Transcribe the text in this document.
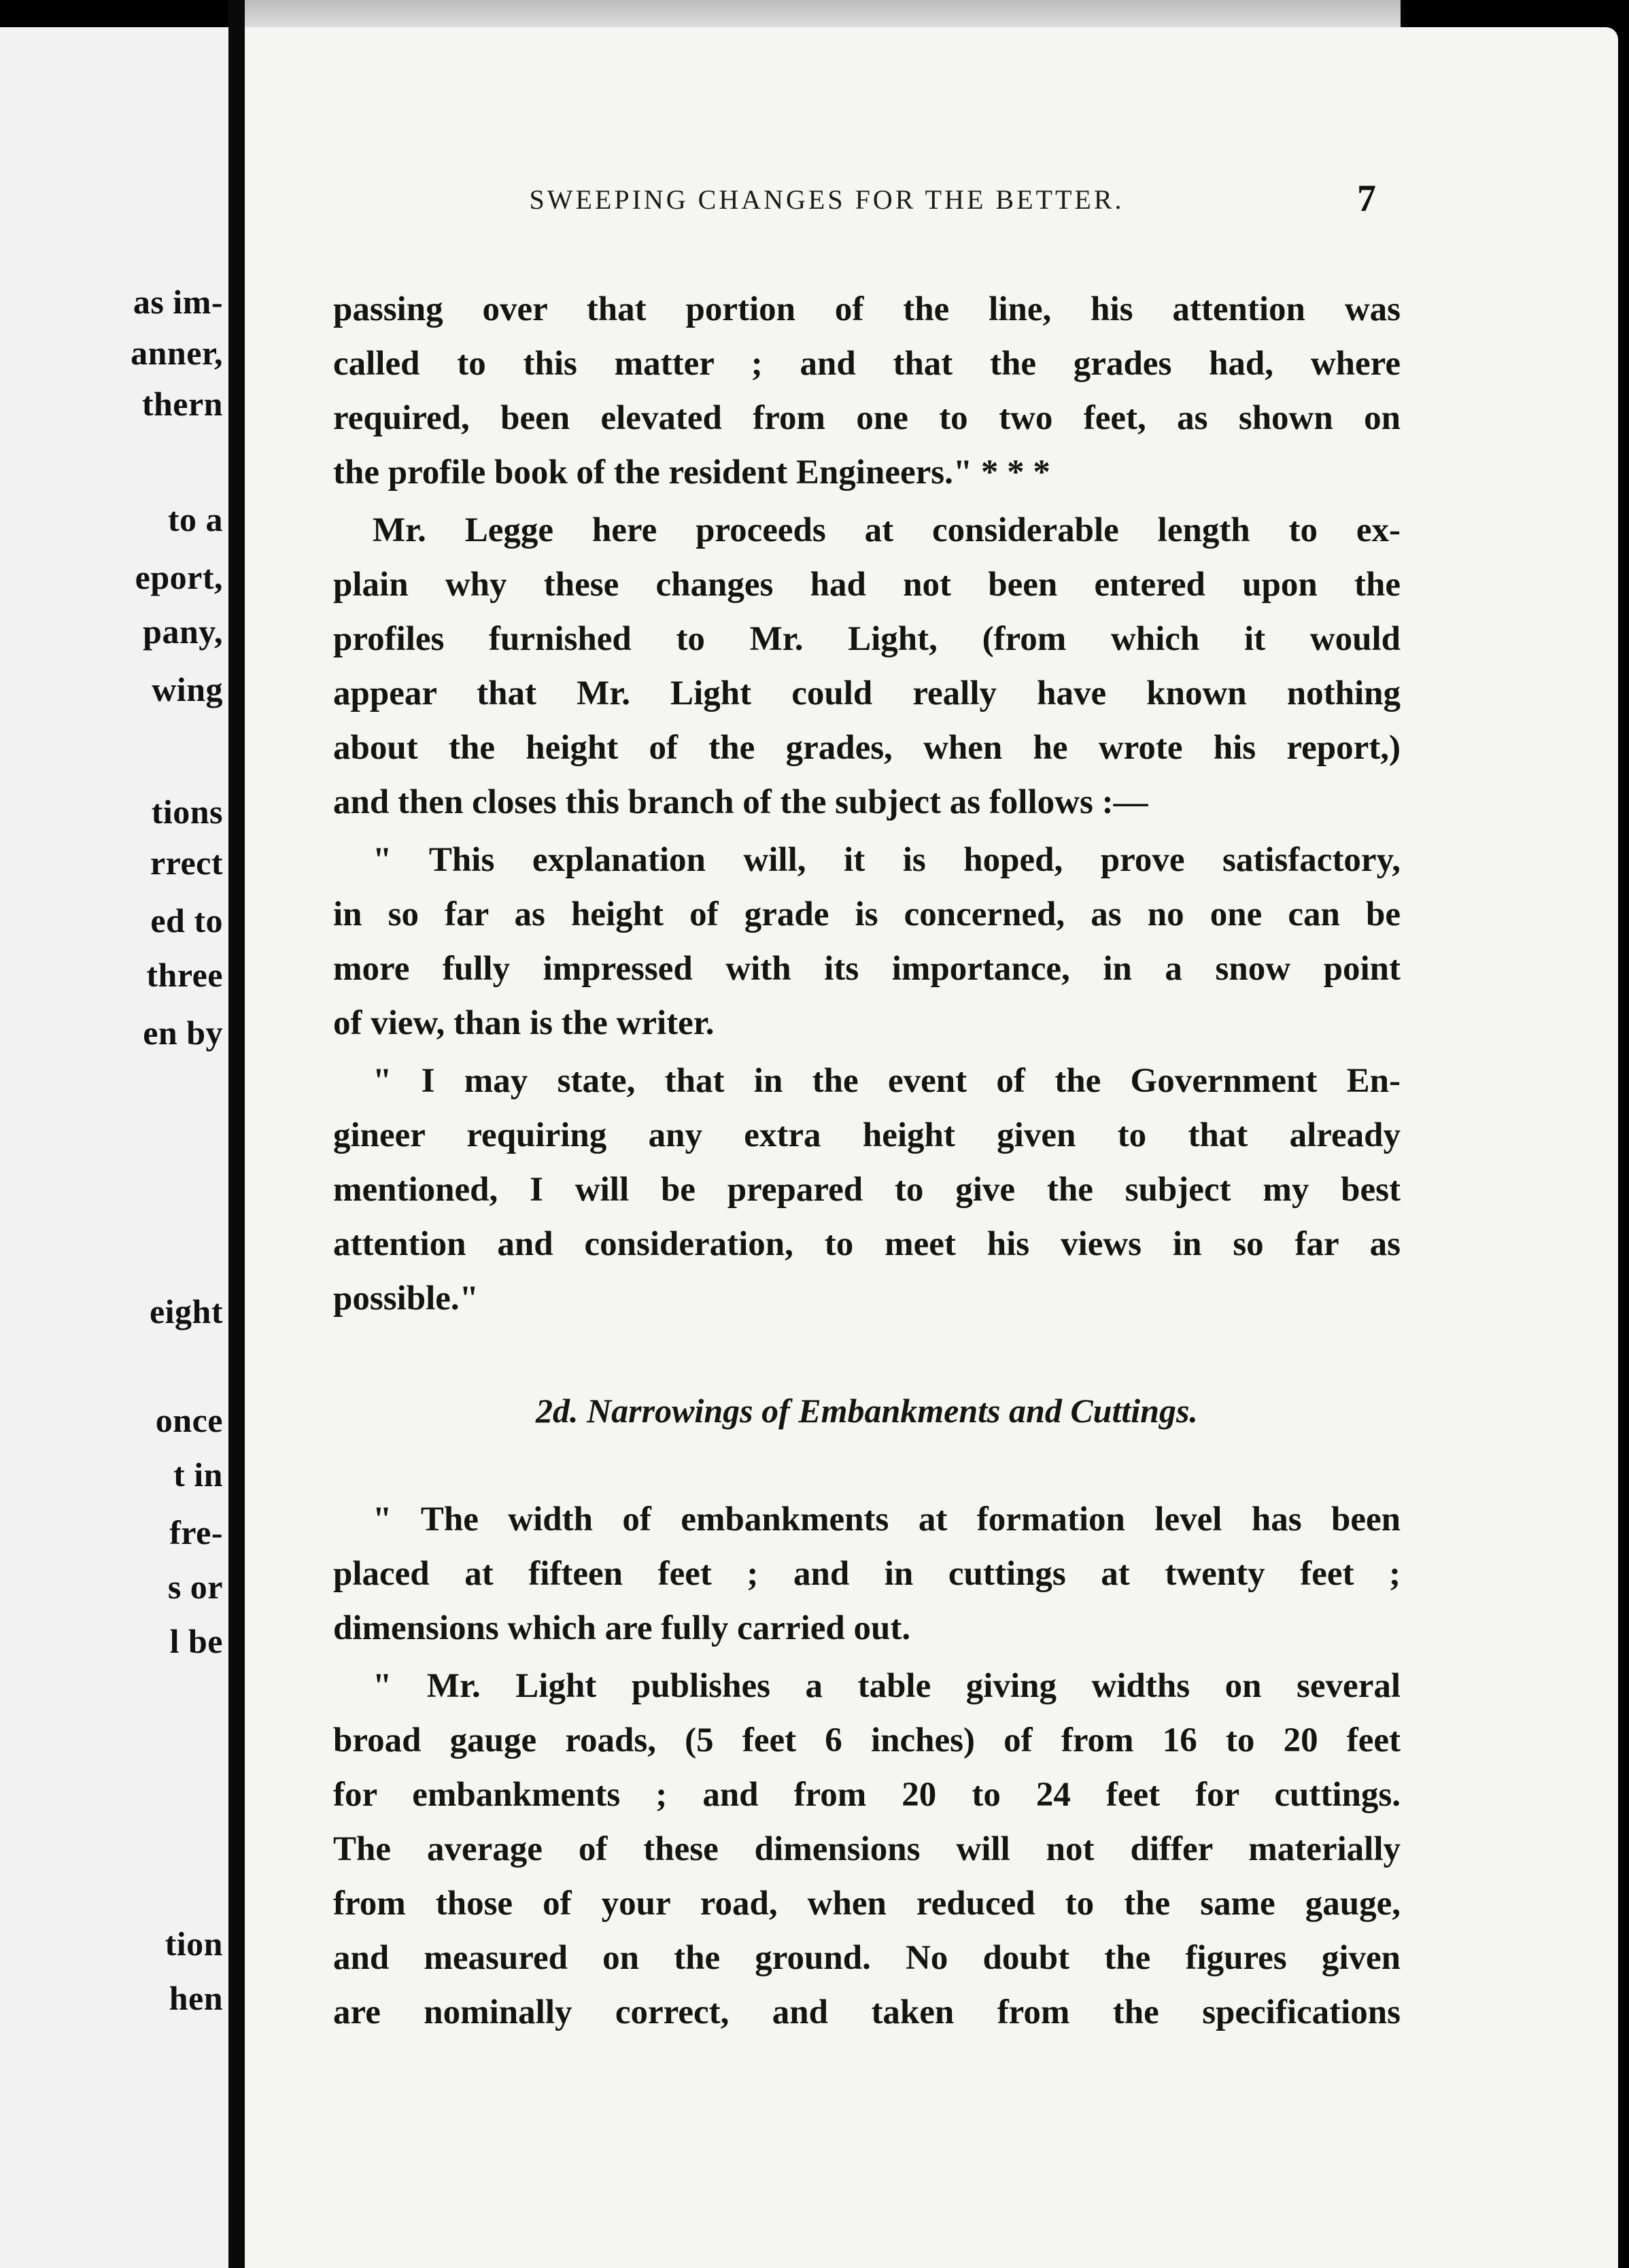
as im-
anner,
thern
to a
eport,
pany,
wing
tions
rrect
ed to
three
en by
eight
once
t in
fre-
s or
l be
tion
hen
SWEEPING CHANGES FOR THE BETTER.	7
passing over that portion of the line, his attention was
called to this matter ; and that the grades had, where
required, been elevated from one to two feet, as shown on
the profile book of the resident Engineers." * * *
Mr. Legge here proceeds at considerable length to ex-
plain why these changes had not been entered upon the
profiles furnished to Mr. Light, (from which it would
appear that Mr. Light could really have known nothing
about the height of the grades, when he wrote his report,)
and then closes this branch of the subject as follows :—
" This explanation will, it is hoped, prove satisfactory,
in so far as height of grade is concerned, as no one can be
more fully impressed with its importance, in a snow point
of view, than is the writer.
" I may state, that in the event of the Government En-
gineer requiring any extra height given to that already
mentioned, I will be prepared to give the subject my best
attention and consideration, to meet his views in so far as
possible."
2d. Narrowings of Embankments and Cuttings.
" The width of embankments at formation level has been
placed at fifteen feet ; and in cuttings at twenty feet ;
dimensions which are fully carried out.
" Mr. Light publishes a table giving widths on several
broad gauge roads, (5 feet 6 inches) of from 16 to 20 feet
for embankments ; and from 20 to 24 feet for cuttings.
The average of these dimensions will not differ materially
from those of your road, when reduced to the same gauge,
and measured on the ground. No doubt the figures given
are nominally correct, and taken from the specifications
